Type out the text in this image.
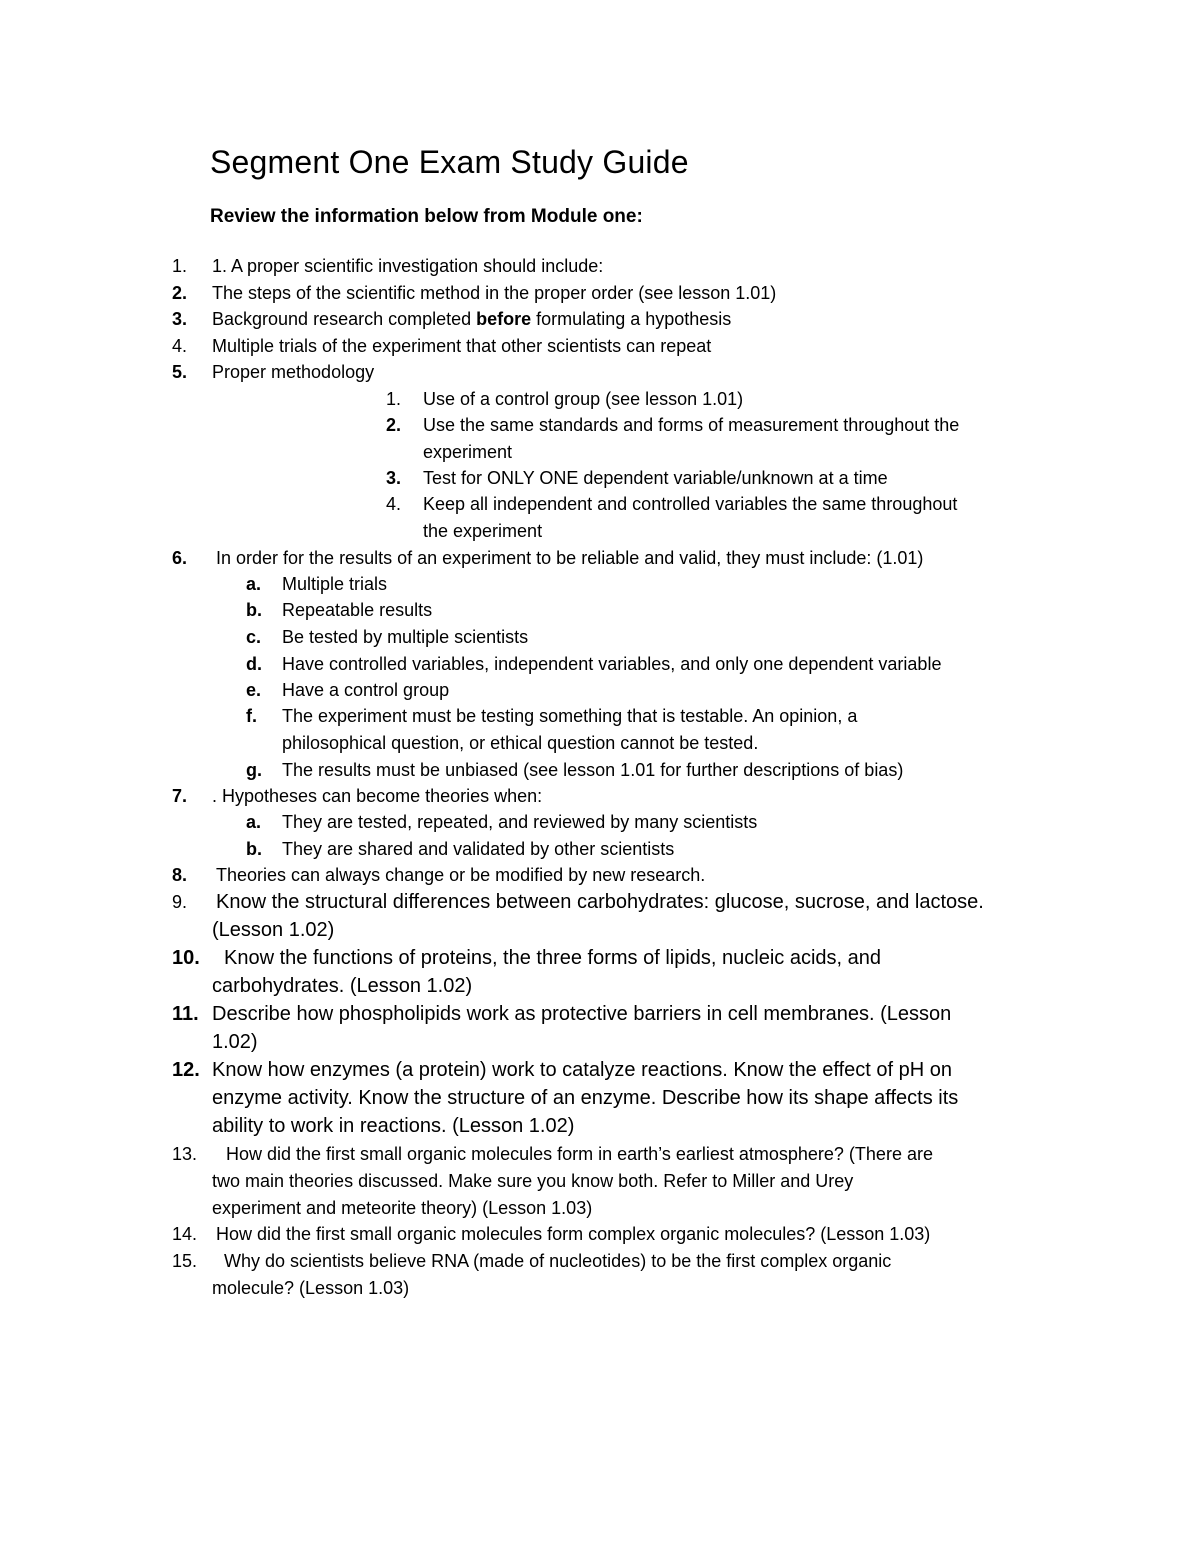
Segment One Exam Study Guide
Review the information below from Module one:
1. 1. A proper scientific investigation should include:
2. The steps of the scientific method in the proper order (see lesson 1.01)
3. Background research completed before formulating a hypothesis
4. Multiple trials of the experiment that other scientists can repeat
5. Proper methodology
1. Use of a control group (see lesson 1.01)
2. Use the same standards and forms of measurement throughout the
experiment
3. Test for ONLY ONE dependent variable/unknown at a time
4. Keep all independent and controlled variables the same throughout
the experiment
6. In order for the results of an experiment to be reliable and valid, they must include: (1.01)
a. Multiple trials
b. Repeatable results
c. Be tested by multiple scientists
d. Have controlled variables, independent variables, and only one dependent variable
e. Have a control group
f. The experiment must be testing something that is testable. An opinion, a
philosophical question, or ethical question cannot be tested.
g. The results must be unbiased (see lesson 1.01 for further descriptions of bias)
7. . Hypotheses can become theories when:
a. They are tested, repeated, and reviewed by many scientists
b. They are shared and validated by other scientists
8. Theories can always change or be modified by new research.
9. Know the structural differences between carbohydrates: glucose, sucrose, and lactose.
(Lesson 1.02)
10. Know the functions of proteins, the three forms of lipids, nucleic acids, and
carbohydrates. (Lesson 1.02)
11. Describe how phospholipids work as protective barriers in cell membranes. (Lesson
1.02)
12. Know how enzymes (a protein) work to catalyze reactions. Know the effect of pH on
enzyme activity. Know the structure of an enzyme. Describe how its shape affects its
ability to work in reactions. (Lesson 1.02)
13. How did the first small organic molecules form in earth’s earliest atmosphere? (There are
two main theories discussed. Make sure you know both. Refer to Miller and Urey
experiment and meteorite theory) (Lesson 1.03)
14. How did the first small organic molecules form complex organic molecules? (Lesson 1.03)
15. Why do scientists believe RNA (made of nucleotides) to be the first complex organic
molecule? (Lesson 1.03)
